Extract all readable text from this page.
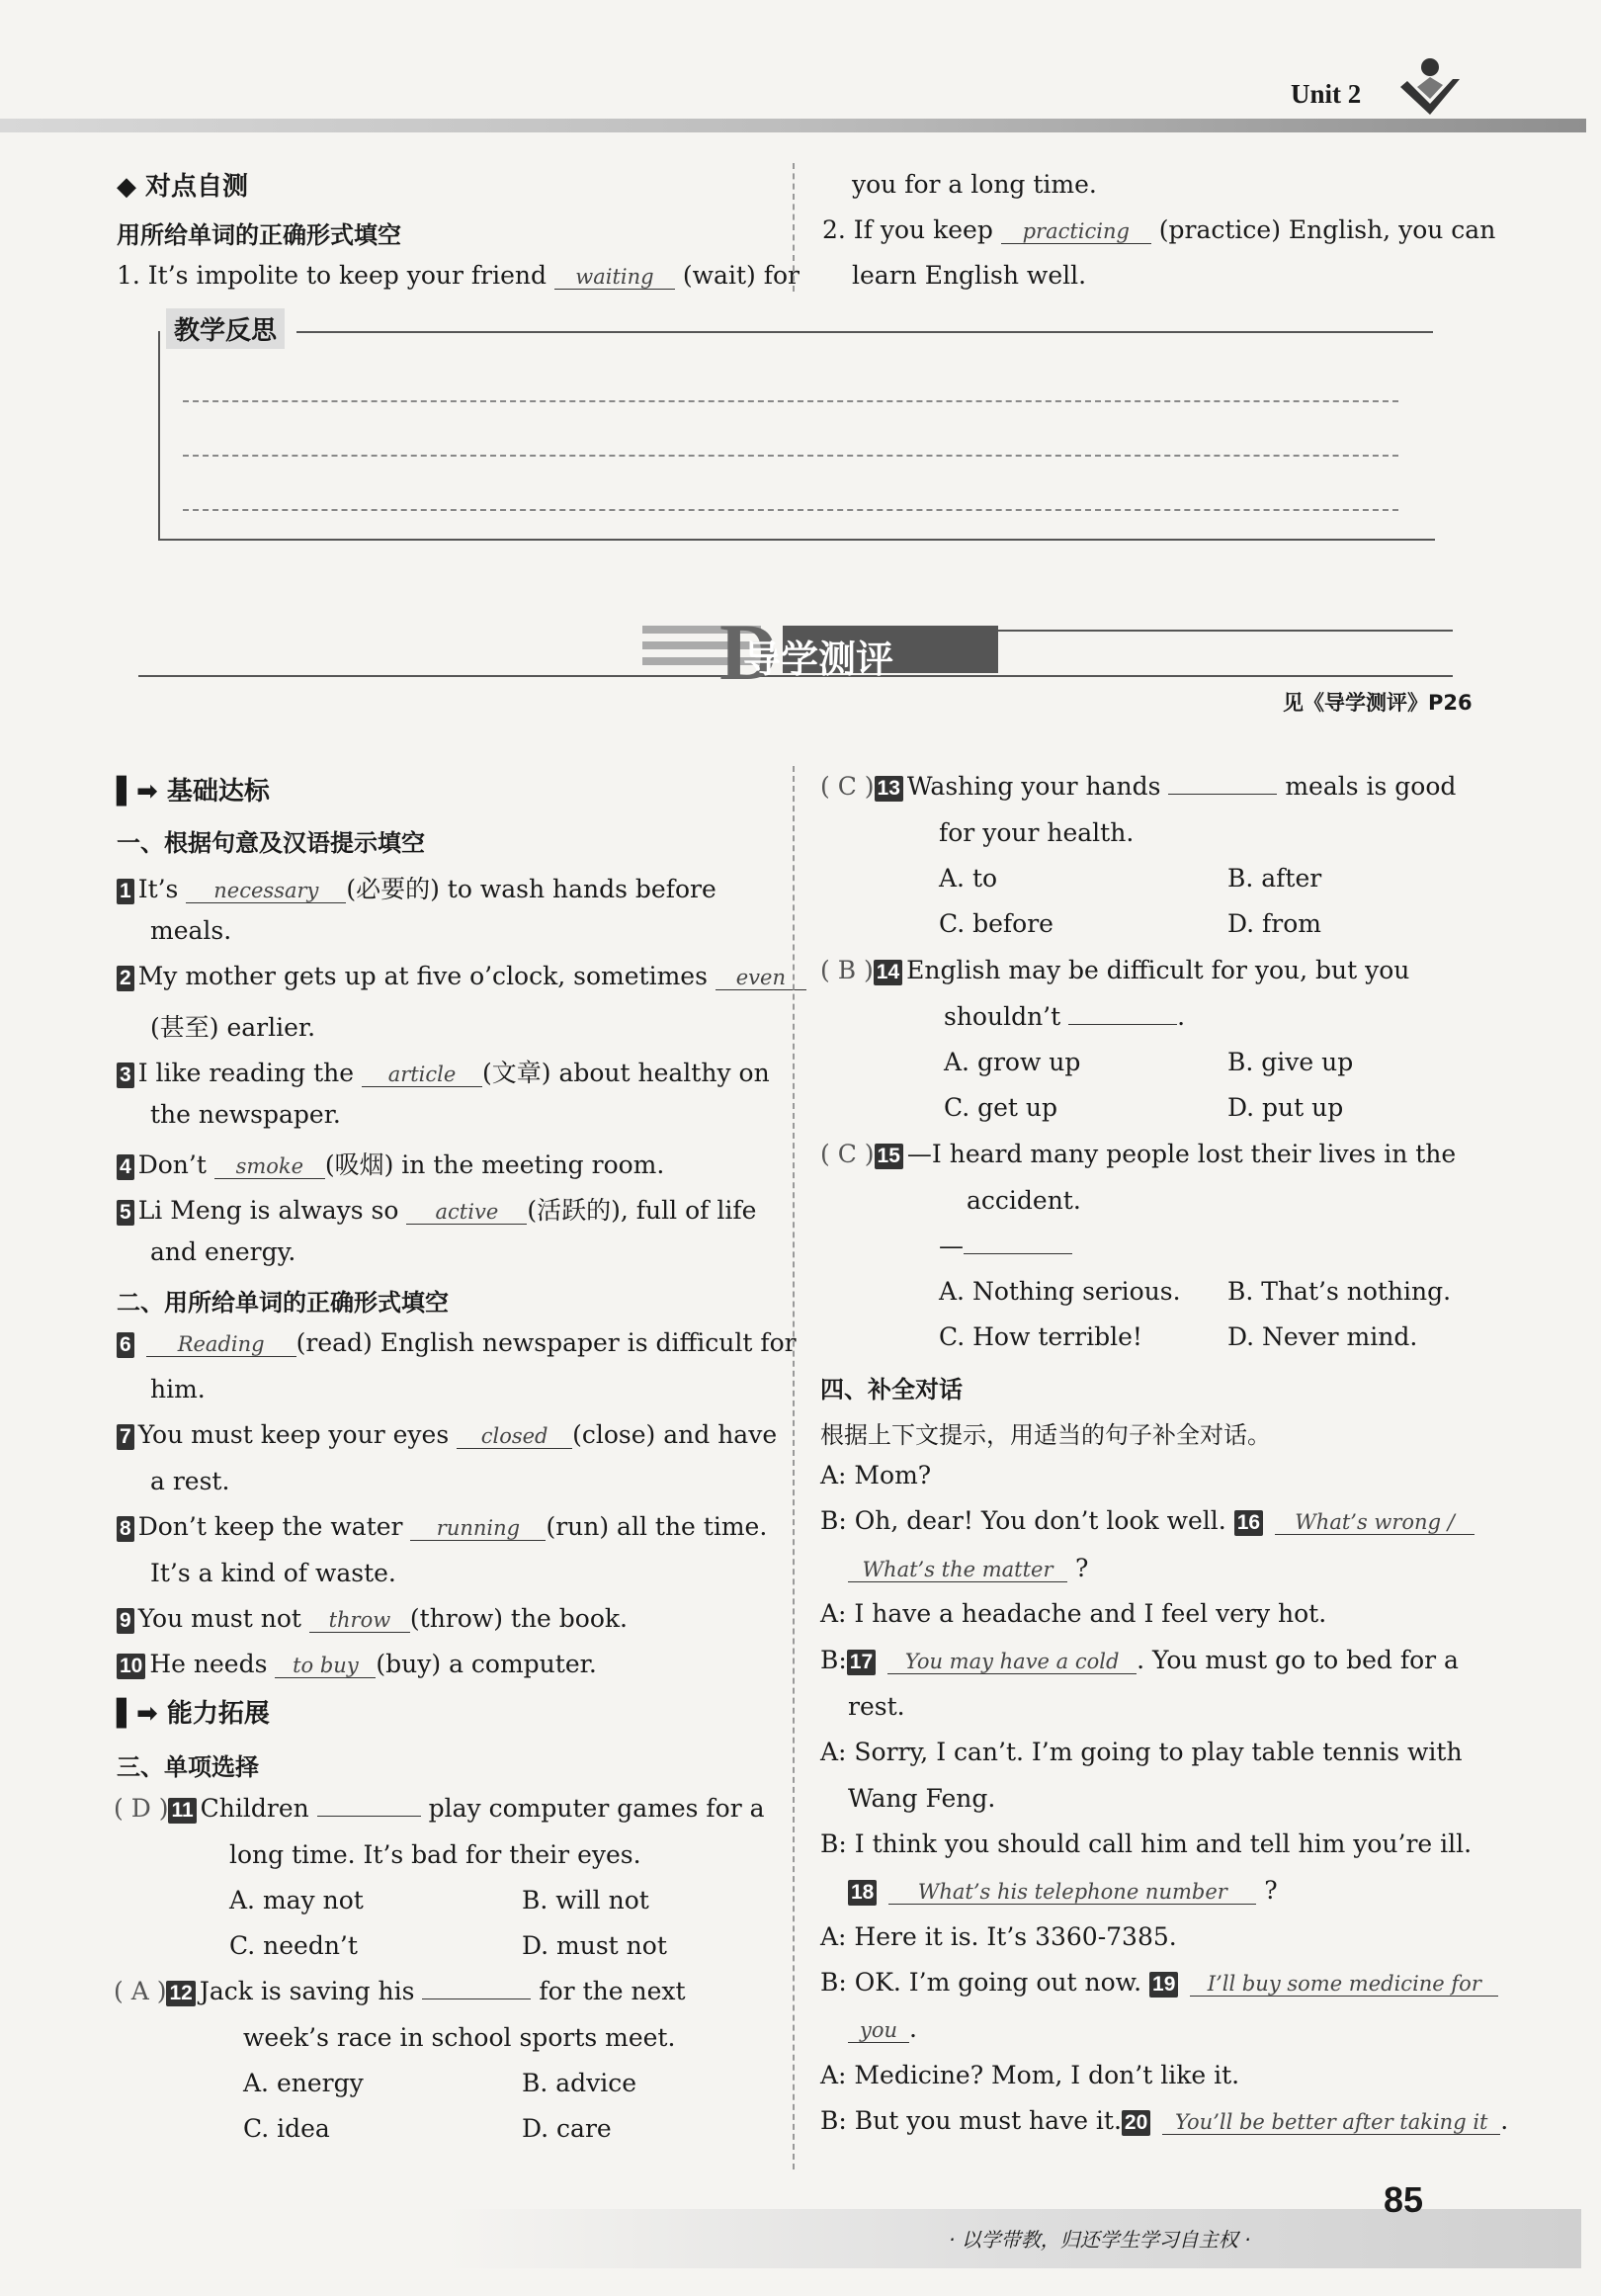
Unit 2
◆ 对点自测
用所给单词的正确形式填空
1. It’s impolite to keep your friend waiting (wait) for
you for a long time.
2. If you keep practicing (practice) English, you can
learn English well.
教学反思
D
导学测评
见《导学测评》P26
▌➡ 基础达标
一、根据句意及汉语提示填空
1 It’s necessary (必要的) to wash hands before
meals.
2 My mother gets up at five o’clock, sometimes even
(甚至) earlier.
3 I like reading the article (文章) about healthy on
the newspaper.
4 Don’t smoke (吸烟) in the meeting room.
5 Li Meng is always so active (活跃的), full of life
and energy.
二、用所给单词的正确形式填空
6 Reading (read) English newspaper is difficult for
him.
7 You must keep your eyes closed (close) and have
a rest.
8 Don’t keep the water running (run) all the time.
It’s a kind of waste.
9 You must not throw (throw) the book.
10 He needs to buy (buy) a computer.
▌➡ 能力拓展
三、单项选择
( D ) 11 Children	play computer games for a
long time. It’s bad for their eyes.
A. may not	B. will not
C. needn’t	D. must not
( A ) 12 Jack is saving his	for the next
week’s race in school sports meet.
A. energy	B. advice
C. idea	D. care
( C ) 13 Washing your hands	meals is good
for your health.
A. to	B. after
C. before	D. from
( B ) 14 English may be difficult for you, but you
shouldn’t	.
A. grow up	B. give up
C. get up	D. put up
( C ) 15 —I heard many people lost their lives in the
accident.
—
A. Nothing serious. B. That’s nothing.
C. How terrible!	D. Never mind.
四、补全对话
根据上下文提示，用适当的句子补全对话。
A: Mom?
B: Oh, dear! You don’t look well. 16 What’s wrong /
What’s the matter ?
A: I have a headache and I feel very hot.
B: 17 You may have a cold . You must go to bed for a
rest.
A: Sorry, I can’t. I’m going to play table tennis with
Wang Feng.
B: I think you should call him and tell him you’re ill.
18 What’s his telephone number ?
A: Here it is. It’s 3360-7385.
B: OK. I’m going out now. 19 I’ll buy some medicine for
you .
A: Medicine? Mom, I don’t like it.
B: But you must have it. 20 You’ll be better after taking it .
· 以学带教，归还学生学习自主权 ·
85
